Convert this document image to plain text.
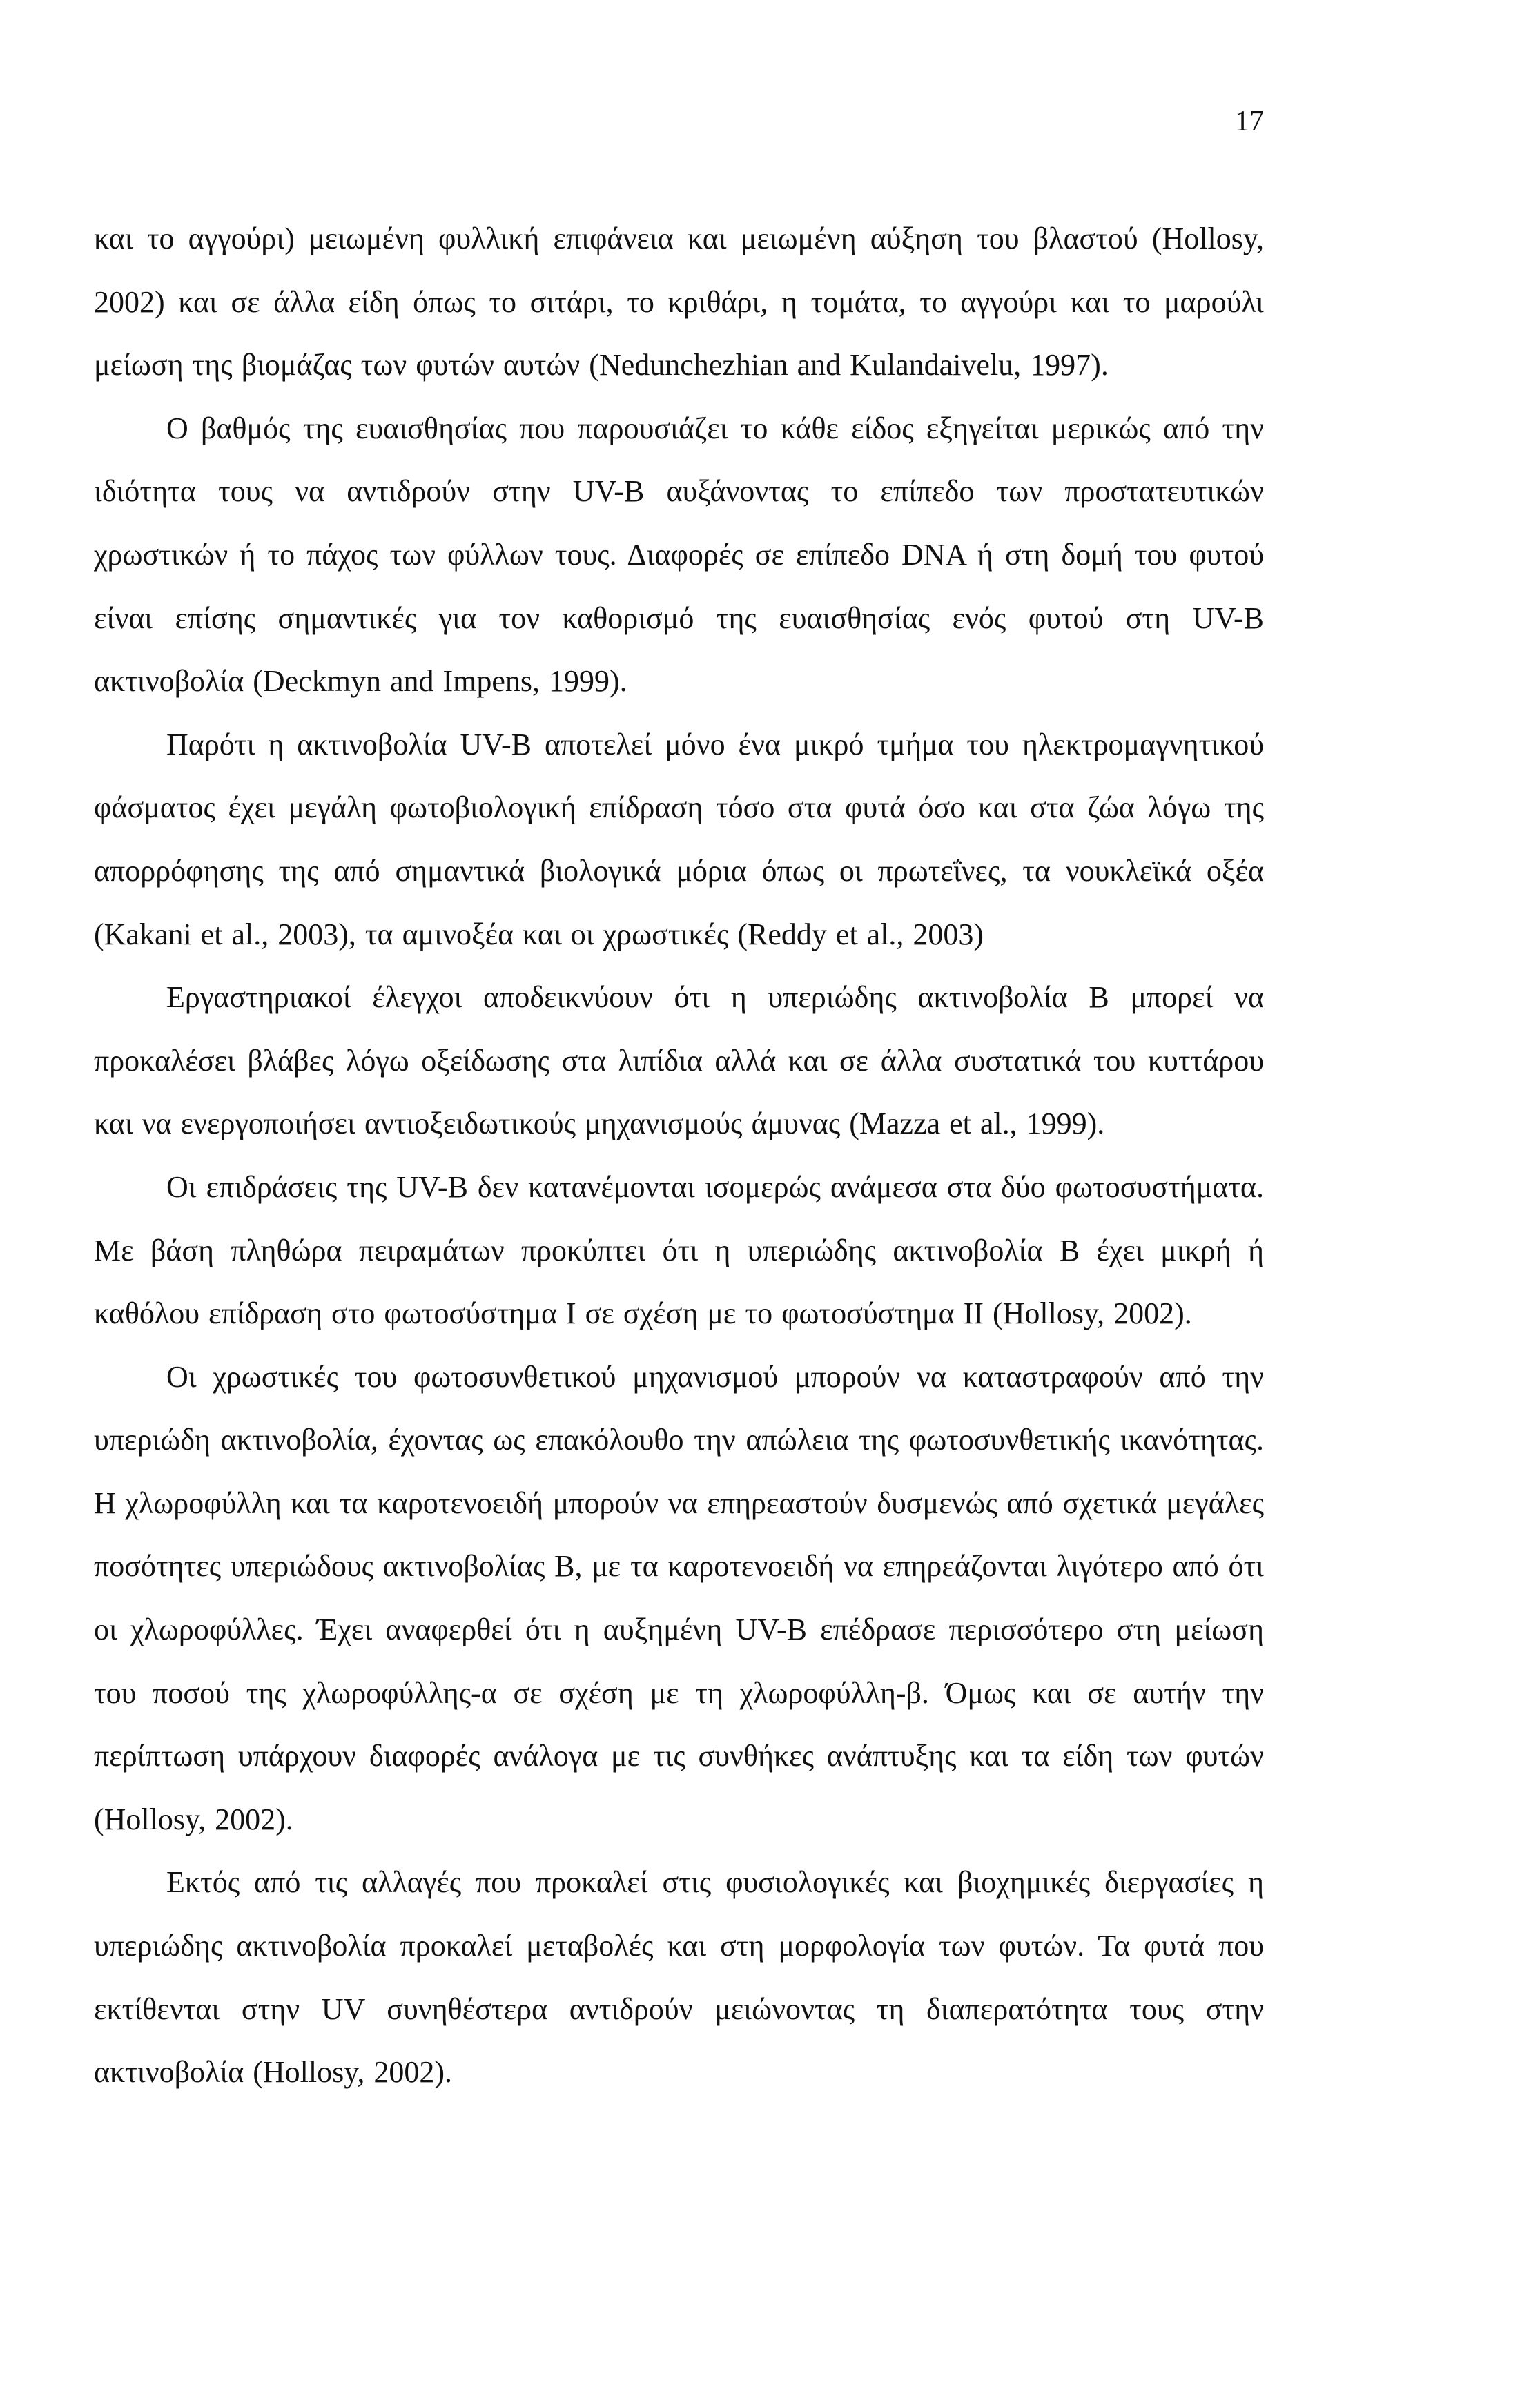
17

και το αγγούρι) μειωμένη φυλλική επιφάνεια και μειωμένη αύξηση του βλαστού (Hollosy, 2002) και σε άλλα είδη όπως το σιτάρι, το κριθάρι, η τομάτα, το αγγούρι και το μαρούλι μείωση της βιομάζας των φυτών αυτών (Nedunchezhian and Kulandaivelu, 1997).

Ο βαθμός της ευαισθησίας που παρουσιάζει το κάθε είδος εξηγείται μερικώς από την ιδιότητα τους να αντιδρούν στην UV-B αυξάνοντας το επίπεδο των προστατευτικών χρωστικών ή το πάχος των φύλλων τους. Διαφορές σε επίπεδο DNA ή στη δομή του φυτού είναι επίσης σημαντικές για τον καθορισμό της ευαισθησίας ενός φυτού στη UV-B ακτινοβολία (Deckmyn and Impens, 1999).

Παρότι η ακτινοβολία UV-B αποτελεί μόνο ένα μικρό τμήμα του ηλεκτρομαγνητικού φάσματος έχει μεγάλη φωτοβιολογική επίδραση τόσο στα φυτά όσο και στα ζώα λόγω της απορρόφησης της από σημαντικά βιολογικά μόρια όπως οι πρωτεΐνες, τα νουκλεϊκά οξέα (Kakani et al., 2003), τα αμινοξέα και οι χρωστικές (Reddy et al., 2003)

Εργαστηριακοί έλεγχοι αποδεικνύουν ότι η υπεριώδης ακτινοβολία Β μπορεί να προκαλέσει βλάβες λόγω οξείδωσης στα λιπίδια αλλά και σε άλλα συστατικά του κυττάρου και να ενεργοποιήσει αντιοξειδωτικούς μηχανισμούς άμυνας (Mazza et al., 1999).

Οι επιδράσεις της UV-B δεν κατανέμονται ισομερώς ανάμεσα στα δύο φωτοσυστήματα. Με βάση πληθώρα πειραμάτων προκύπτει ότι η υπεριώδης ακτινοβολία Β έχει μικρή ή καθόλου επίδραση στο φωτοσύστημα I σε σχέση με το φωτοσύστημα II (Hollosy, 2002).

Οι χρωστικές του φωτοσυνθετικού μηχανισμού μπορούν να καταστραφούν από την υπεριώδη ακτινοβολία, έχοντας ως επακόλουθο την απώλεια της φωτοσυνθετικής ικανότητας. Η χλωροφύλλη και τα καροτενοειδή μπορούν να επηρεαστούν δυσμενώς από σχετικά μεγάλες ποσότητες υπεριώδους ακτινοβολίας Β, με τα καροτενοειδή να επηρεάζονται λιγότερο από ότι οι χλωροφύλλες. Έχει αναφερθεί ότι η αυξημένη UV-B επέδρασε περισσότερο στη μείωση του ποσού της χλωροφύλλης-α σε σχέση με τη χλωροφύλλη-β. Όμως και σε αυτήν την περίπτωση υπάρχουν διαφορές ανάλογα με τις συνθήκες ανάπτυξης και τα είδη των φυτών (Hollosy, 2002).

Εκτός από τις αλλαγές που προκαλεί στις φυσιολογικές και βιοχημικές διεργασίες η υπεριώδης ακτινοβολία προκαλεί μεταβολές και στη μορφολογία των φυτών. Τα φυτά που εκτίθενται στην UV συνηθέστερα αντιδρούν μειώνοντας τη διαπερατότητα τους στην ακτινοβολία (Hollosy, 2002).
